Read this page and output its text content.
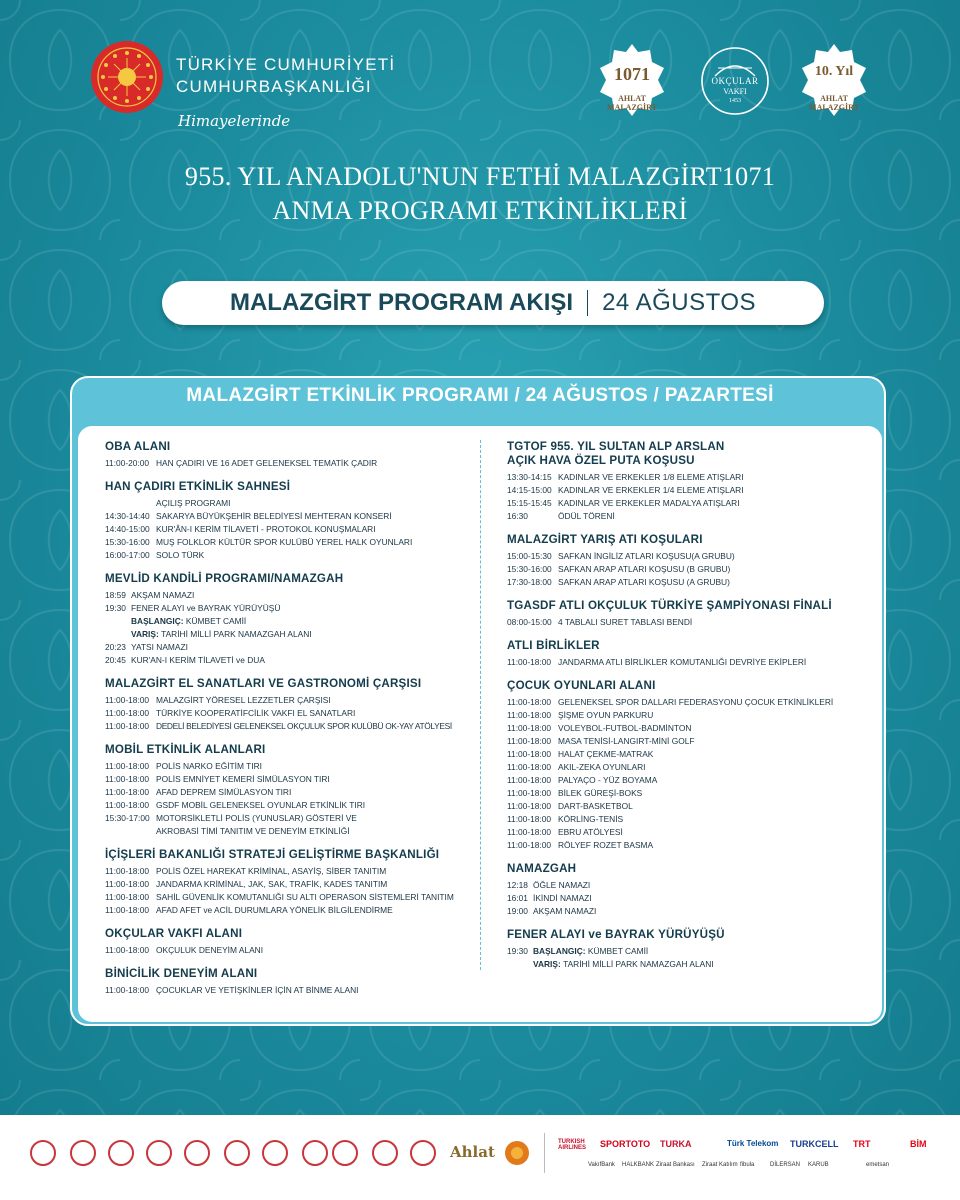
TÜRKİYE CUMHURİYETİ
CUMHURBAŞKANLIĞI
Himayelerinde
1071
AHLAT MALAZGİRT
OKÇULAR
VAKFI
1453
10. Yıl
AHLAT MALAZGİRT
955. YIL ANADOLU'NUN FETHİ MALAZGİRT1071
ANMA PROGRAMI ETKİNLİKLERİ
MALAZGİRT PROGRAM AKIŞI 24 AĞUSTOS
MALAZGİRT ETKİNLİK PROGRAMI / 24 AĞUSTOS / PAZARTESİ
OBA ALANI
11:00-20:00 HAN ÇADIRI VE 16 ADET GELENEKSEL TEMATİK ÇADIR
HAN ÇADIRI ETKİNLİK SAHNESİ
AÇILIŞ PROGRAMI
14:30-14:40 SAKARYA BÜYÜKŞEHİR BELEDİYESİ MEHTERAN KONSERİ
14:40-15:00 KUR'ÂN-I KERİM TİLAVETİ - PROTOKOL KONUŞMALARI
15:30-16:00 MUŞ FOLKLOR KÜLTÜR SPOR KULÜBÜ YEREL HALK OYUNLARI
16:00-17:00 SOLO TÜRK
MEVLİD KANDİLİ PROGRAMI/NAMAZGAH
18:59 AKŞAM NAMAZI
19:30 FENER ALAYI ve BAYRAK YÜRÜYÜŞÜ
BAŞLANGIÇ: KÜMBET CAMİİ
VARIŞ: TARİHİ MİLLİ PARK NAMAZGAH ALANI
20:23 YATSI NAMAZI
20:45 KUR'AN-I KERİM TİLAVETİ ve DUA
MALAZGİRT EL SANATLARI VE GASTRONOMİ ÇARŞISI
11:00-18:00 MALAZGİRT YÖRESEL LEZZETLER ÇARŞISI
11:00-18:00 TÜRKİYE KOOPERATİFCİLİK VAKFI EL SANATLARI
11:00-18:00 DEDELİ BELEDİYESİ GELENEKSEL OKÇULUK SPOR KULÜBÜ OK-YAY ATÖLYESİ
MOBİL ETKİNLİK ALANLARI
11:00-18:00 POLİS NARKO EĞİTİM TIRI
11:00-18:00 POLİS EMNİYET KEMERİ SİMÜLASYON TIRI
11:00-18:00 AFAD DEPREM SİMÜLASYON TIRI
11:00-18:00 GSDF MOBİL GELENEKSEL OYUNLAR ETKİNLİK TIRI
15:30-17:00 MOTORSİKLETLİ POLİS (YUNUSLAR) GÖSTERİ VE
AKROBASİ TİMİ TANITIM VE DENEYİM ETKİNLİĞİ
İÇİŞLERİ BAKANLIĞI STRATEJİ GELİŞTİRME BAŞKANLIĞI
11:00-18:00 POLİS ÖZEL HAREKAT KRİMİNAL, ASAYİŞ, SİBER TANITIM
11:00-18:00 JANDARMA KRİMİNAL, JAK, SAK, TRAFİK, KADES TANITIM
11:00-18:00 SAHİL GÜVENLİK KOMUTANLIĞI SU ALTI OPERASON SİSTEMLERİ TANITIM
11:00-18:00 AFAD AFET ve ACİL DURUMLARA YÖNELİK BİLGİLENDİRME
OKÇULAR VAKFI ALANI
11:00-18:00 OKÇULUK DENEYİM ALANI
BİNİCİLİK DENEYİM ALANI
11:00-18:00 ÇOCUKLAR VE YETİŞKİNLER İÇİN AT BİNME ALANI
TGTOF 955. YIL SULTAN ALP ARSLAN
AÇIK HAVA ÖZEL PUTA KOŞUSU
13:30-14:15 KADINLAR VE ERKEKLER 1/8 ELEME ATIŞLARI
14:15-15:00 KADINLAR VE ERKEKLER 1/4 ELEME ATIŞLARI
15:15-15:45 KADINLAR VE ERKEKLER MADALYA ATIŞLARI
16:30	ÖDÜL TÖRENİ
MALAZGİRT YARIŞ ATI KOŞULARI
15:00-15:30 SAFKAN İNGİLİZ ATLARI KOŞUSU(A GRUBU)
15:30-16:00 SAFKAN ARAP ATLARI KOŞUSU (B GRUBU)
17:30-18:00 SAFKAN ARAP ATLARI KOŞUSU (A GRUBU)
TGASDF ATLI OKÇULUK TÜRKİYE ŞAMPİYONASI FİNALİ
08:00-15:00 4 TABLALI SURET TABLASI BENDİ
ATLI BİRLİKLER
11:00-18:00 JANDARMA ATLI BİRLİKLER KOMUTANLIĞI DEVRİYE EKİPLERİ
ÇOCUK OYUNLARI ALANI
11:00-18:00 GELENEKSEL SPOR DALLARI FEDERASYONU ÇOCUK ETKİNLİKLERİ
11:00-18:00 ŞİŞME OYUN PARKURU
11:00-18:00 VOLEYBOL-FUTBOL-BADMİNTON
11:00-18:00 MASA TENİSİ-LANGIRT-MİNİ GOLF
11:00-18:00 HALAT ÇEKME-MATRAK
11:00-18:00 AKIL-ZEKA OYUNLARI
11:00-18:00 PALYAÇO - YÜZ BOYAMA
11:00-18:00 BİLEK GÜREŞİ-BOKS
11:00-18:00 DART-BASKETBOL
11:00-18:00 KÖRLİNG-TENİS
11:00-18:00 EBRU ATÖLYESİ
11:00-18:00 RÖLYEF ROZET BASMA
NAMAZGAH
12:18 ÖĞLE NAMAZI
16:01 İKİNDİ NAMAZI
19:00 AKŞAM NAMAZI
FENER ALAYI ve BAYRAK YÜRÜYÜŞÜ
19:30 BAŞLANGIÇ: KÜMBET CAMİİ
VARIŞ: TARİHİ MİLLİ PARK NAMAZGAH ALANI
Ahlat
TURKISH AIRLINES	SPORTOTO TURKA	Türk Telekom TURKCELL TRT	BİM
VakıfBank HALKBANK Ziraat Bankası Ziraat Katılım fibula	DİLERSAN KARUB	emetsan
